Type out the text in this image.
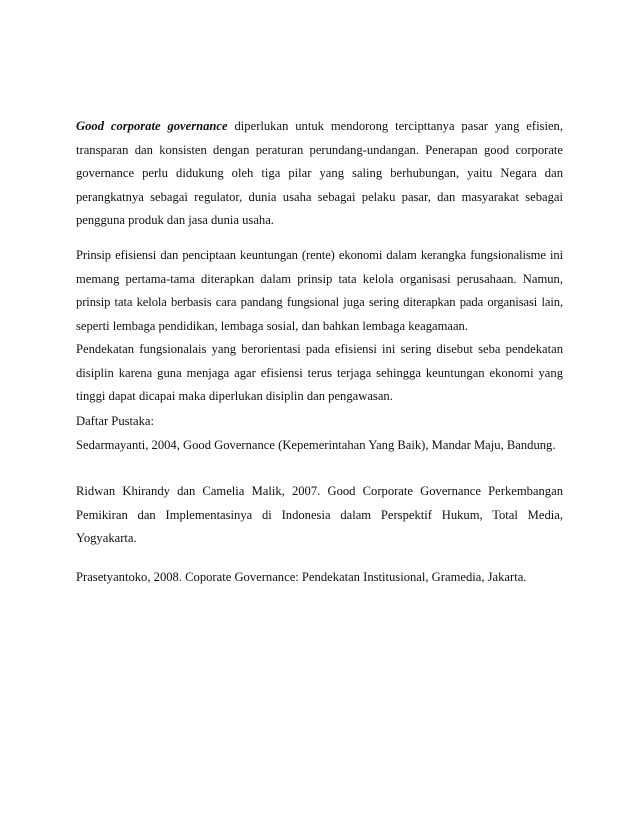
Good corporate governance diperlukan untuk mendorong tercipttanya pasar yang efisien,
transparan dan konsisten dengan peraturan perundang-undangan. Penerapan good corporate
governance perlu didukung oleh tiga pilar yang saling berhubungan, yaitu Negara dan
perangkatnya sebagai regulator, dunia usaha sebagai pelaku pasar, dan masyarakat sebagai
pengguna produk dan jasa dunia usaha.
Prinsip efisiensi dan penciptaan keuntungan (rente) ekonomi dalam kerangka fungsionalisme ini
memang pertama-tama diterapkan dalam prinsip tata kelola organisasi perusahaan. Namun,
prinsip tata kelola berbasis cara pandang fungsional juga sering diterapkan pada organisasi lain,
seperti lembaga pendidikan, lembaga sosial, dan bahkan lembaga keagamaan.
Pendekatan fungsionalais yang berorientasi pada efisiensi ini sering disebut seba pendekatan
disiplin karena guna menjaga agar efisiensi terus terjaga sehingga keuntungan ekonomi yang
tinggi dapat dicapai maka diperlukan disiplin dan pengawasan.
Daftar Pustaka:
Sedarmayanti, 2004, Good Governance (Kepemerintahan Yang Baik), Mandar Maju, Bandung.
Ridwan Khirandy dan Camelia Malik, 2007. Good Corporate Governance Perkembangan
Pemikiran dan Implementasinya di Indonesia dalam Perspektif Hukum, Total Media,
Yogyakarta.
Prasetyantoko, 2008. Coporate Governance: Pendekatan Institusional, Gramedia, Jakarta.
